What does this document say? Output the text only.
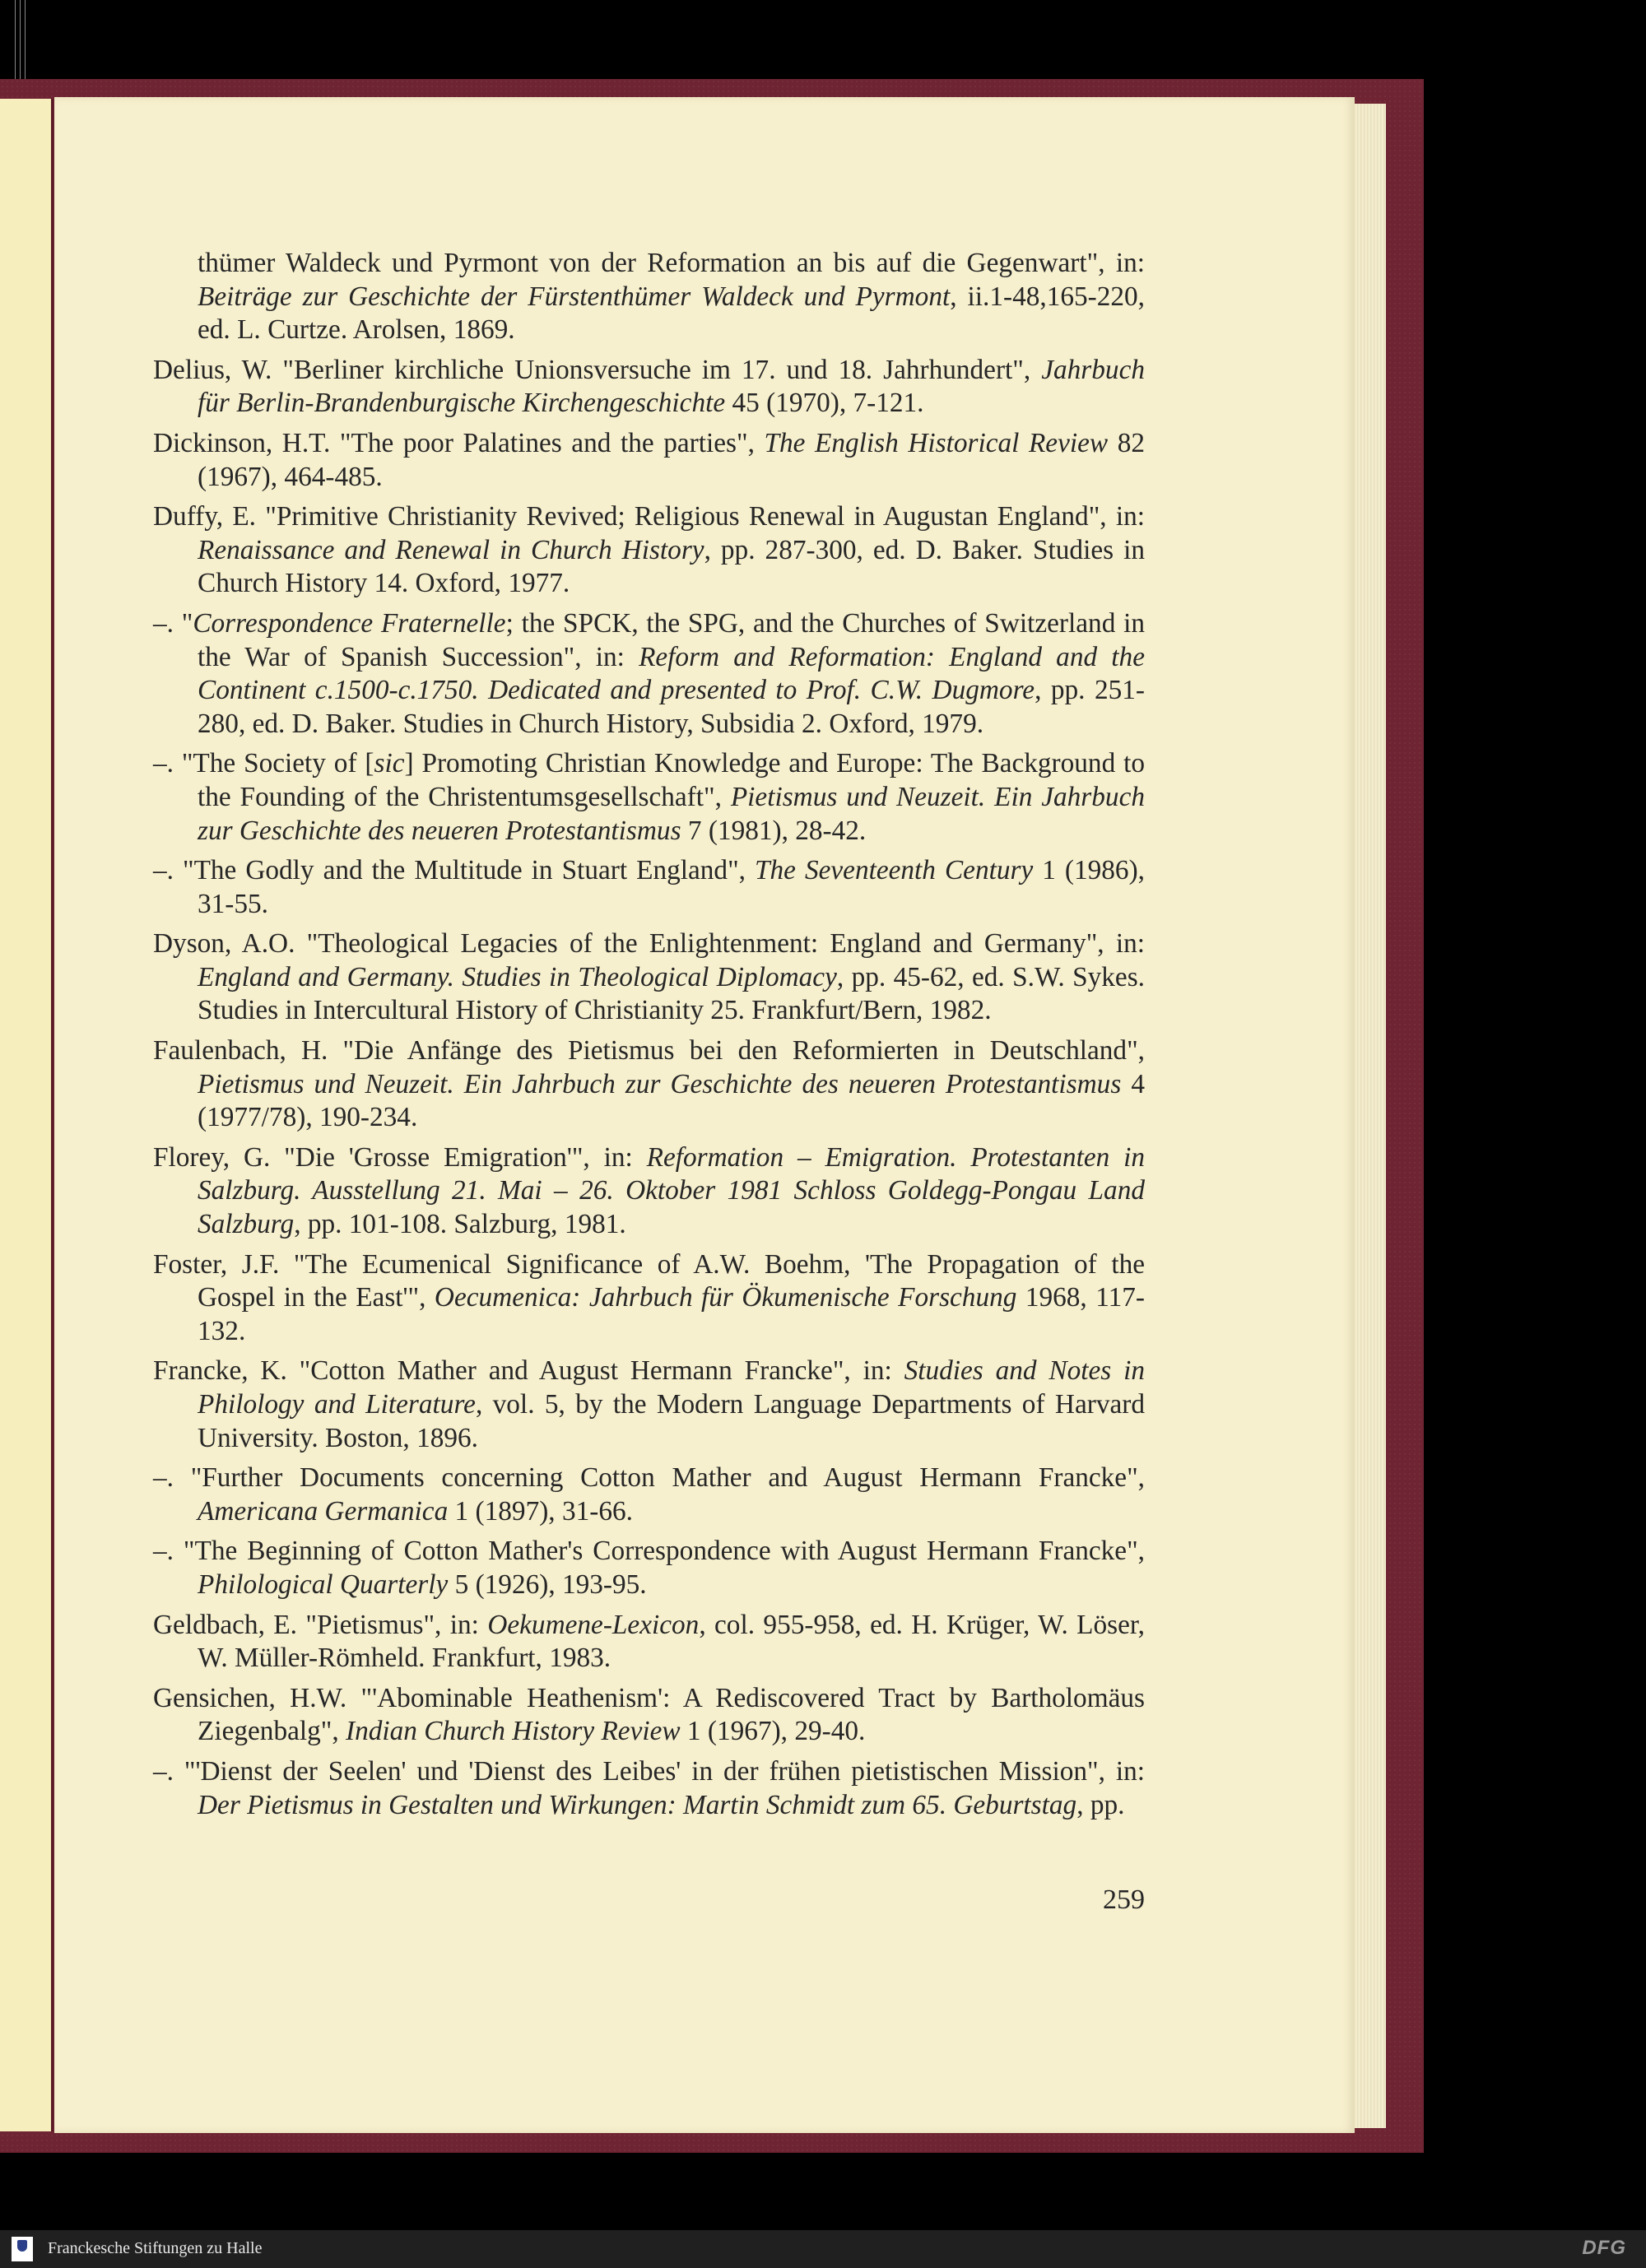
thümer Waldeck und Pyrmont von der Reformation an bis auf die Gegenwart", in: Beiträge zur Geschichte der Fürstenthümer Waldeck und Pyrmont, ii.1-48,165-220, ed. L. Curtze. Arolsen, 1869.
Delius, W. "Berliner kirchliche Unionsversuche im 17. und 18. Jahrhundert", Jahrbuch für Berlin-Brandenburgische Kirchengeschichte 45 (1970), 7-121.
Dickinson, H.T. "The poor Palatines and the parties", The English Historical Review 82 (1967), 464-485.
Duffy, E. "Primitive Christianity Revived; Religious Renewal in Augustan England", in: Renaissance and Renewal in Church History, pp. 287-300, ed. D. Baker. Studies in Church History 14. Oxford, 1977.
–. "Correspondence Fraternelle; the SPCK, the SPG, and the Churches of Switzerland in the War of Spanish Succession", in: Reform and Reformation: England and the Continent c.1500-c.1750. Dedicated and presented to Prof. C.W. Dugmore, pp. 251-280, ed. D. Baker. Studies in Church History, Subsidia 2. Oxford, 1979.
–. "The Society of [sic] Promoting Christian Knowledge and Europe: The Background to the Founding of the Christentumsgesellschaft", Pietismus und Neuzeit. Ein Jahrbuch zur Geschichte des neueren Protestantismus 7 (1981), 28-42.
–. "The Godly and the Multitude in Stuart England", The Seventeenth Century 1 (1986), 31-55.
Dyson, A.O. "Theological Legacies of the Enlightenment: England and Germany", in: England and Germany. Studies in Theological Diplomacy, pp. 45-62, ed. S.W. Sykes. Studies in Intercultural History of Christianity 25. Frankfurt/Bern, 1982.
Faulenbach, H. "Die Anfänge des Pietismus bei den Reformierten in Deutschland", Pietismus und Neuzeit. Ein Jahrbuch zur Geschichte des neueren Protestantismus 4 (1977/78), 190-234.
Florey, G. "Die 'Grosse Emigration'", in: Reformation – Emigration. Protestanten in Salzburg. Ausstellung 21. Mai – 26. Oktober 1981 Schloss Goldegg-Pongau Land Salzburg, pp. 101-108. Salzburg, 1981.
Foster, J.F. "The Ecumenical Significance of A.W. Boehm, 'The Propagation of the Gospel in the East'", Oecumenica: Jahrbuch für Ökumenische Forschung 1968, 117-132.
Francke, K. "Cotton Mather and August Hermann Francke", in: Studies and Notes in Philology and Literature, vol. 5, by the Modern Language Departments of Harvard University. Boston, 1896.
–. "Further Documents concerning Cotton Mather and August Hermann Francke", Americana Germanica 1 (1897), 31-66.
–. "The Beginning of Cotton Mather's Correspondence with August Hermann Francke", Philological Quarterly 5 (1926), 193-95.
Geldbach, E. "Pietismus", in: Oekumene-Lexicon, col. 955-958, ed. H. Krüger, W. Löser, W. Müller-Römheld. Frankfurt, 1983.
Gensichen, H.W. "'Abominable Heathenism': A Rediscovered Tract by Bartholomäus Ziegenbalg", Indian Church History Review 1 (1967), 29-40.
–. "'Dienst der Seelen' und 'Dienst des Leibes' in der frühen pietistischen Mission", in: Der Pietismus in Gestalten und Wirkungen: Martin Schmidt zum 65. Geburtstag, pp.
259
Franckesche Stiftungen zu Halle	DFG
